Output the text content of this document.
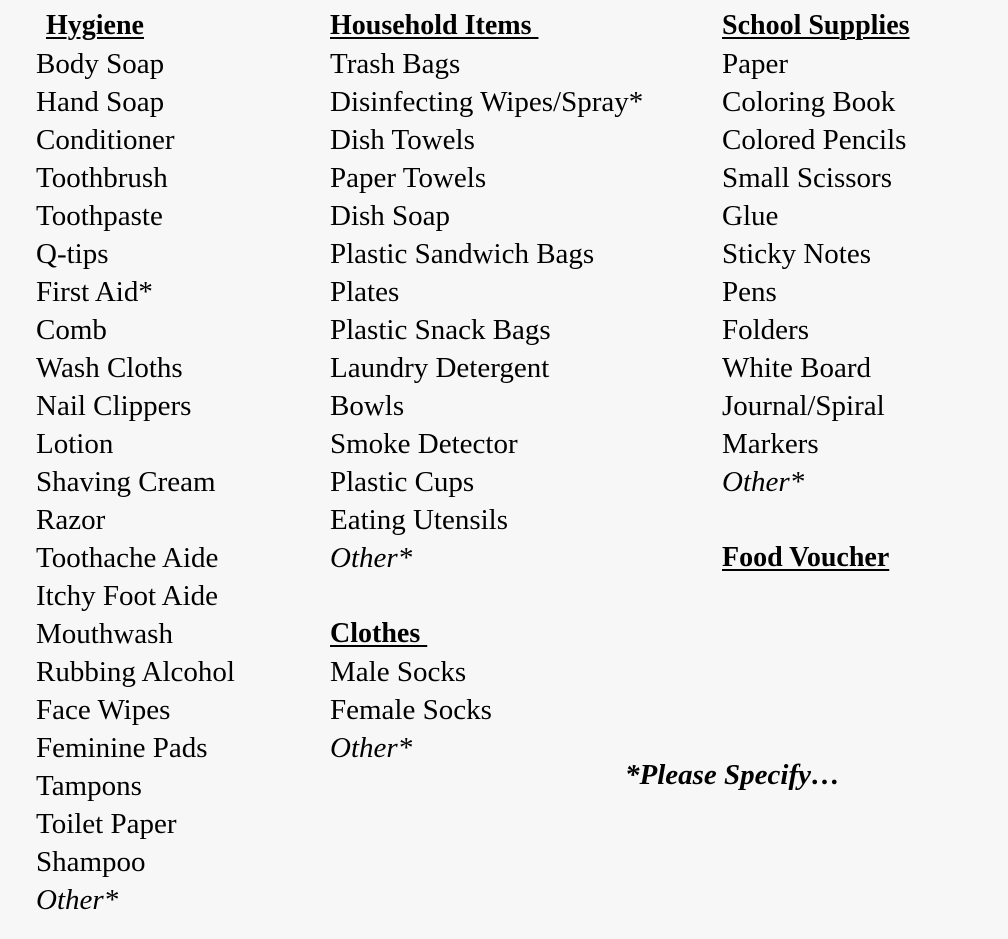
Hygiene
Body Soap
Hand Soap
Conditioner
Toothbrush
Toothpaste
Q-tips
First Aid*
Comb
Wash Cloths
Nail Clippers
Lotion
Shaving Cream
Razor
Toothache Aide
Itchy Foot Aide
Mouthwash
Rubbing Alcohol
Face Wipes
Feminine Pads
Tampons
Toilet Paper
Shampoo
Other*
Household Items
Trash Bags
Disinfecting Wipes/Spray*
Dish Towels
Paper Towels
Dish Soap
Plastic Sandwich Bags
Plates
Plastic Snack Bags
Laundry Detergent
Bowls
Smoke Detector
Plastic Cups
Eating Utensils
Other*
Clothes
Male Socks
Female Socks
Other*
School Supplies
Paper
Coloring Book
Colored Pencils
Small Scissors
Glue
Sticky Notes
Pens
Folders
White Board
Journal/Spiral
Markers
Other*
Food Voucher
*Please Specify…
